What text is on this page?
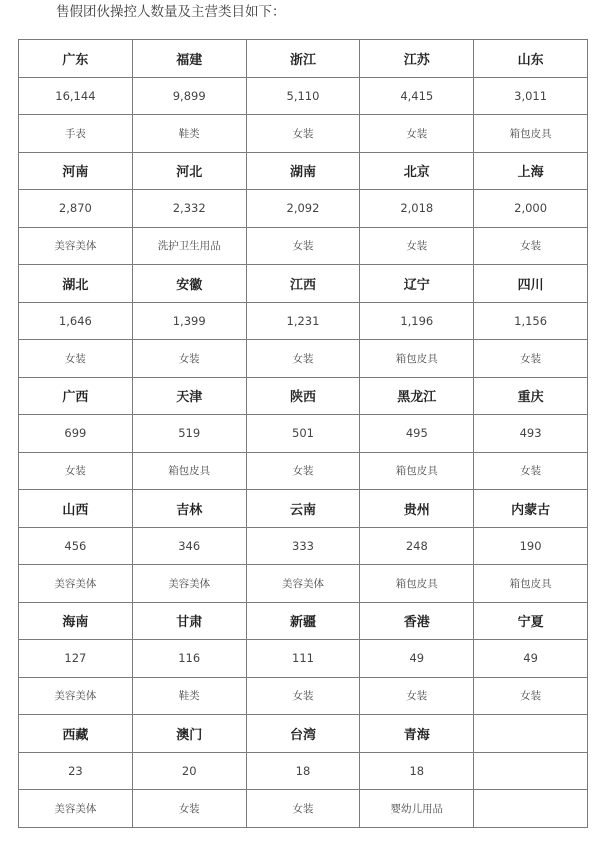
售假团伙操控人数量及主营类目如下：
广东	福建	浙江	江苏	山东
16,144	9,899	5,110	4,415	3,011
手表	鞋类	女装	女装	箱包皮具
河南	河北	湖南	北京	上海
2,870	2,332	2,092	2,018	2,000
美容美体	洗护卫生用品	女装	女装	女装
湖北	安徽	江西	辽宁	四川
1,646	1,399	1,231	1,196	1,156
女装	女装	女装	箱包皮具	女装
广西	天津	陕西	黑龙江	重庆
699	519	501	495	493
女装	箱包皮具	女装	箱包皮具	女装
山西	吉林	云南	贵州	内蒙古
456	346	333	248	190
美容美体	美容美体	美容美体	箱包皮具	箱包皮具
海南	甘肃	新疆	香港	宁夏
127	116	111	49	49
美容美体	鞋类	女装	女装	女装
西藏	澳门	台湾	青海	
23	20	18	18	
美容美体	女装	女装	婴幼儿用品	
